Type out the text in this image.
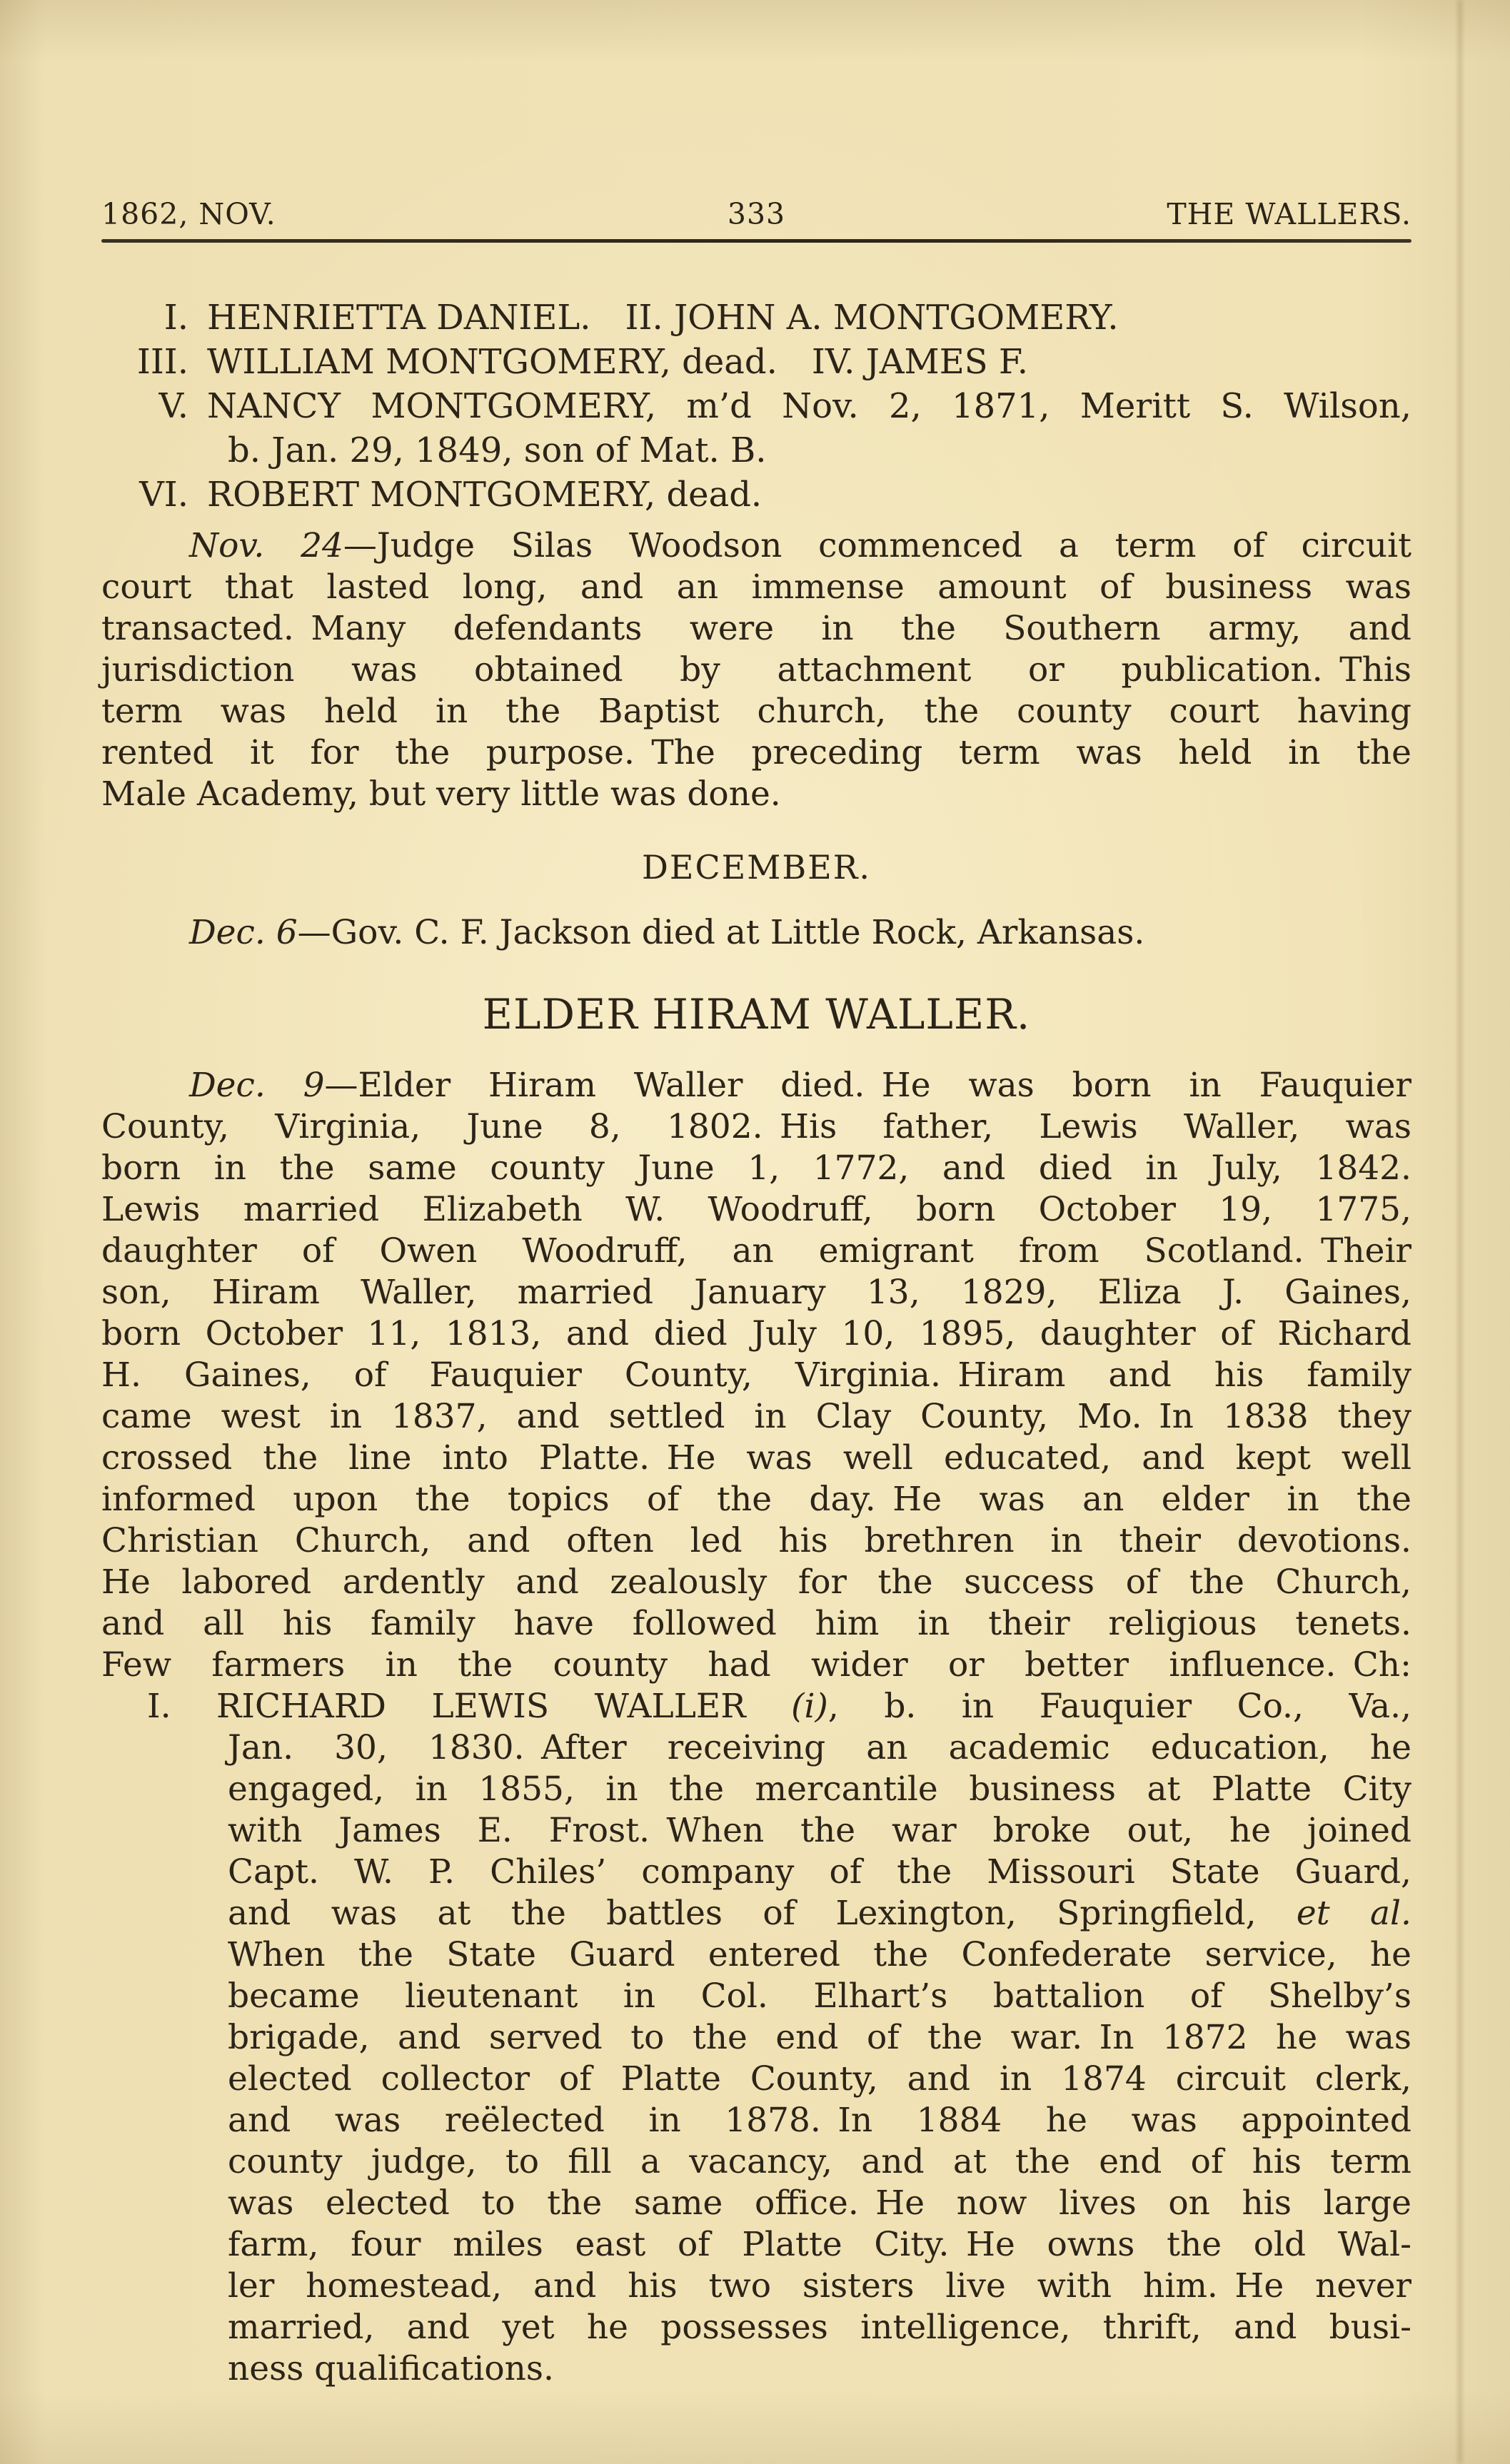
1862, NOV.	333	THE WALLERS.
I. HENRIETTA DANIEL. II. JOHN A. MONTGOMERY.
III. WILLIAM MONTGOMERY, dead. IV. JAMES F.
V. NANCY MONTGOMERY, m’d Nov. 2, 1871, Meritt S. Wilson,
b. Jan. 29, 1849, son of Mat. B.
VI. ROBERT MONTGOMERY, dead.
Nov. 24—Judge Silas Woodson commenced a term of circuit
court that lasted long, and an immense amount of business was
transacted. Many defendants were in the Southern army, and
jurisdiction was obtained by attachment or publication. This
term was held in the Baptist church, the county court having
rented it for the purpose. The preceding term was held in the
Male Academy, but very little was done.
DECEMBER.
Dec. 6—Gov. C. F. Jackson died at Little Rock, Arkansas.
ELDER HIRAM WALLER.
Dec. 9—Elder Hiram Waller died. He was born in Fauquier
County, Virginia, June 8, 1802. His father, Lewis Waller, was
born in the same county June 1, 1772, and died in July, 1842.
Lewis married Elizabeth W. Woodruff, born October 19, 1775,
daughter of Owen Woodruff, an emigrant from Scotland. Their
son, Hiram Waller, married January 13, 1829, Eliza J. Gaines,
born October 11, 1813, and died July 10, 1895, daughter of Richard
H. Gaines, of Fauquier County, Virginia. Hiram and his family
came west in 1837, and settled in Clay County, Mo. In 1838 they
crossed the line into Platte. He was well educated, and kept well
informed upon the topics of the day. He was an elder in the
Christian Church, and often led his brethren in their devotions.
He labored ardently and zealously for the success of the Church,
and all his family have followed him in their religious tenets.
Few farmers in the county had wider or better influence. Ch:
I. RICHARD LEWIS WALLER (i), b. in Fauquier Co., Va.,
Jan. 30, 1830. After receiving an academic education, he
engaged, in 1855, in the mercantile business at Platte City
with James E. Frost. When the war broke out, he joined
Capt. W. P. Chiles’ company of the Missouri State Guard,
and was at the battles of Lexington, Springfield, et al.
When the State Guard entered the Confederate service, he
became lieutenant in Col. Elhart’s battalion of Shelby’s
brigade, and served to the end of the war. In 1872 he was
elected collector of Platte County, and in 1874 circuit clerk,
and was reëlected in 1878. In 1884 he was appointed
county judge, to fill a vacancy, and at the end of his term
was elected to the same office. He now lives on his large
farm, four miles east of Platte City. He owns the old Wal-
ler homestead, and his two sisters live with him. He never
married, and yet he possesses intelligence, thrift, and busi-
ness qualifications.
